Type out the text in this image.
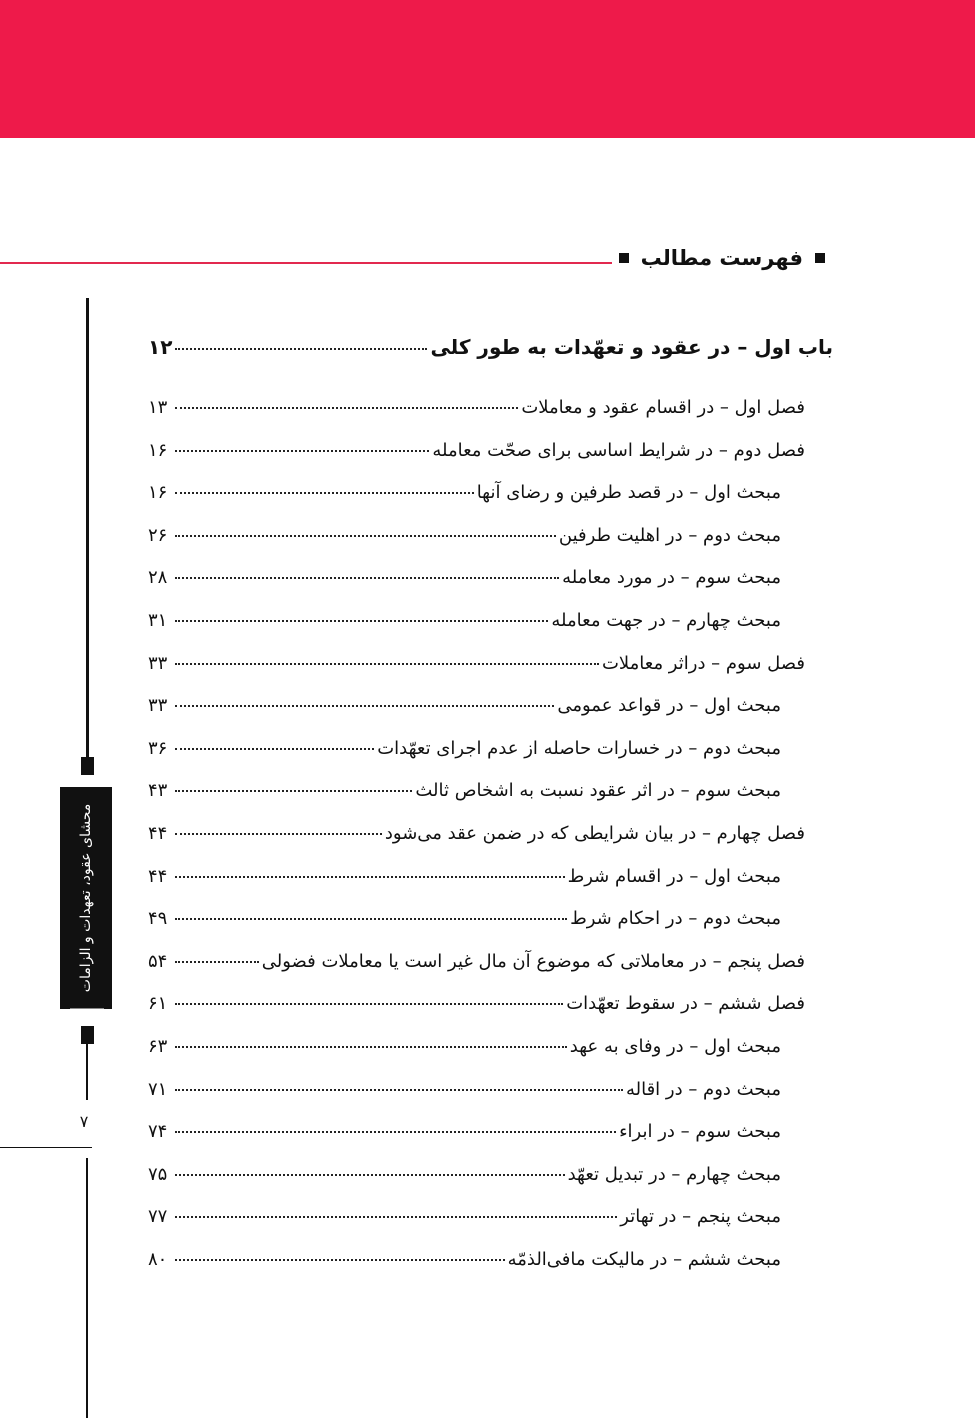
فهرست مطالب
محشای عقود، تعهدات و الزامات
۷
باب اول – در عقود و تعهّدات به طور کلی
۱۲
فصل اول – در اقسام عقود و معاملات
۱۳
فصل دوم – در شرایط اساسی برای صحّت معامله
۱۶
مبحث اول – در قصد طرفین و رضای آنها
۱۶
مبحث دوم – در اهلیت طرفین
۲۶
مبحث سوم – در مورد معامله
۲۸
مبحث چهارم – در جهت معامله
۳۱
فصل سوم – دراثر معاملات
۳۳
مبحث اول – در قواعد عمومی
۳۳
مبحث دوم – در خسارات حاصله از عدم اجرای تعهّدات
۳۶
مبحث سوم – در اثر عقود نسبت به اشخاص ثالث
۴۳
فصل چهارم – در بیان شرایطی که در ضمن عقد می‌شود
۴۴
مبحث اول – در اقسام شرط
۴۴
مبحث دوم – در احکام شرط
۴۹
فصل پنجم – در معاملاتی که موضوع آن مال غیر است یا معاملات فضولی
۵۴
فصل ششم – در سقوط تعهّدات
۶۱
مبحث اول – در وفای به عهد
۶۳
مبحث دوم – در اقاله
۷۱
مبحث سوم – در ابراء
۷۴
مبحث چهارم – در تبدیل تعهّد
۷۵
مبحث پنجم – در تهاتر
۷۷
مبحث ششم – در مالیکت مافی‌الذمّه
۸۰
